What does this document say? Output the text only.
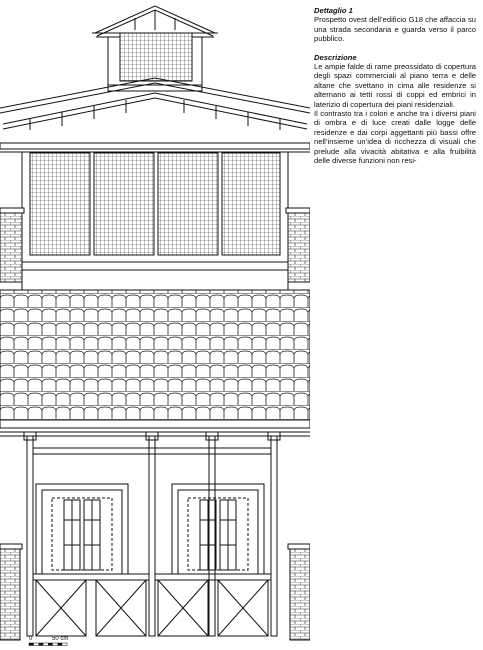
0	50 cm
Dettaglio 1

Prospetto ovest dell’edificio G18 che affaccia su una strada secondaria e guarda verso il parco pubblico.

Descrizione

Le ampie falde di rame preossidato di copertura degli spazi commerciali al piano terra e delle altane che svettano in cima alle residenze si alternano ai tetti rossi di coppi ed embrici in laterizio di copertura dei piani residenziali.

Il contrasto tra i colori e anche tra i diversi piani di ombra e di luce creati dalle logge delle residenze e dai corpi aggettanti più bassi offre nell’insieme un’idea di ricchezza di visuali che prelude alla vivacità abitativa e alla fruibilità delle diverse funzioni non resi-
